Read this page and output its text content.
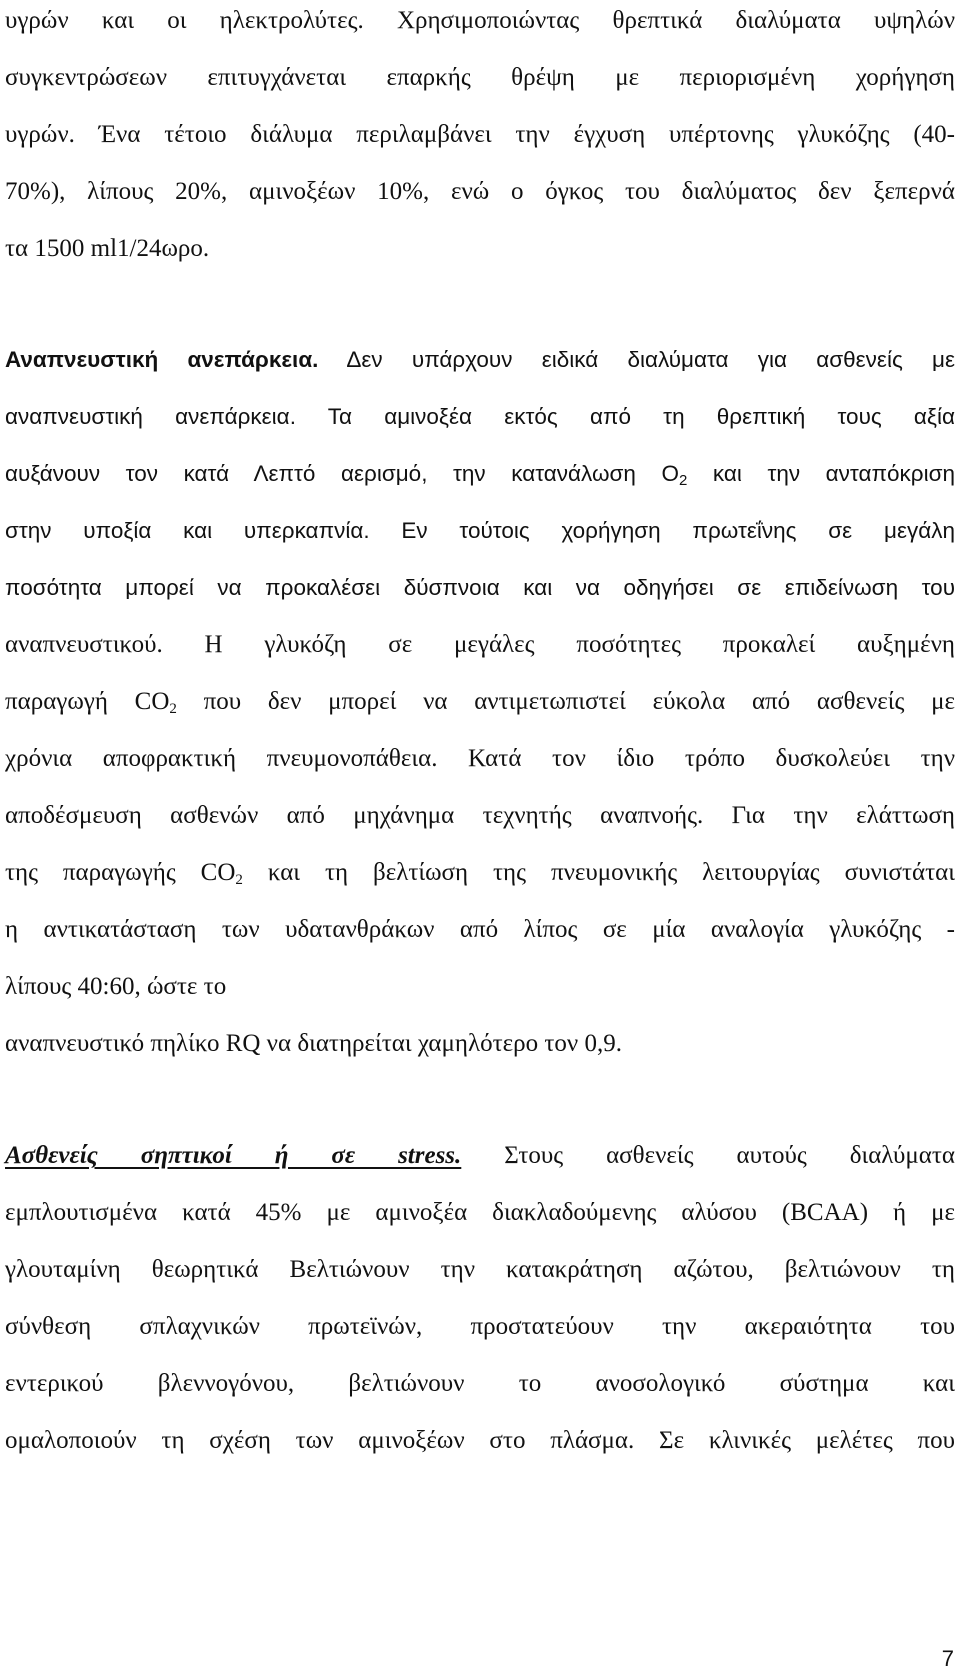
υγρών και οι ηλεκτρολύτες. Χρησιμοποιώντας θρεπτικά διαλύματα υψηλών
συγκεντρώσεων επιτυγχάνεται επαρκής θρέψη με περιορισμένη χορήγηση
υγρών. Ένα τέτοιο διάλυμα περιλαμβάνει την έγχυση υπέρτονης γλυκόζης (40-
70%), λίπους 20%, αμινοξέων 10%, ενώ ο όγκος του διαλύματος δεν ξεπερνά
τα 1500 ml1/24ωρο.
Αναπνευστική ανεπάρκεια. Δεν υπάρχουν ειδικά διαλύματα για ασθενείς με
αναπνευστική ανεπάρκεια. Τα αμινοξέα εκτός από τη θρεπτική τους αξία
αυξάνουν τον κατά Λεπτό αερισμό, την κατανάλωση $O_2$ και την ανταπόκριση
στην υποξία και υπερκαπνία. Εν τούτοις χορήγηση πρωτεΐνης σε μεγάλη
ποσότητα μπορεί να προκαλέσει δύσπνοια και να οδηγήσει σε επιδείνωση του
αναπνευστικού. Η γλυκόζη σε μεγάλες ποσότητες προκαλεί αυξημένη
παραγωγή $CO_2$ που δεν μπορεί να αντιμετωπιστεί εύκολα από ασθενείς με
χρόνια αποφρακτική πνευμονοπάθεια. Κατά τον ίδιο τρόπο δυσκολεύει την
αποδέσμευση ασθενών από μηχάνημα τεχνητής αναπνοής. Για την ελάττωση
της παραγωγής $CO_2$ και τη βελτίωση της πνευμονικής λειτουργίας συνιστάται
η αντικατάσταση των υδατανθράκων από λίπος σε μία αναλογία γλυκόζης -
λίπους 40:60, ώστε το
αναπνευστικό πηλίκο RQ να διατηρείται χαμηλότερο τον 0,9.
Ασθενείς σηπτικοί ή σε stress. Στους ασθενείς αυτούς διαλύματα
εμπλουτισμένα κατά 45% με αμινοξέα διακλαδούμενης αλύσου (BCAA) ή με
γλουταμίνη θεωρητικά Βελτιώνουν την κατακράτηση αζώτου, βελτιώνουν τη
σύνθεση σπλαχνικών πρωτεϊνών, προστατεύουν την ακεραιότητα του
εντερικού βλεννογόνου, βελτιώνουν το ανοσολογικό σύστημα και
ομαλοποιούν τη σχέση των αμινοξέων στο πλάσμα. Σε κλινικές μελέτες που
7
